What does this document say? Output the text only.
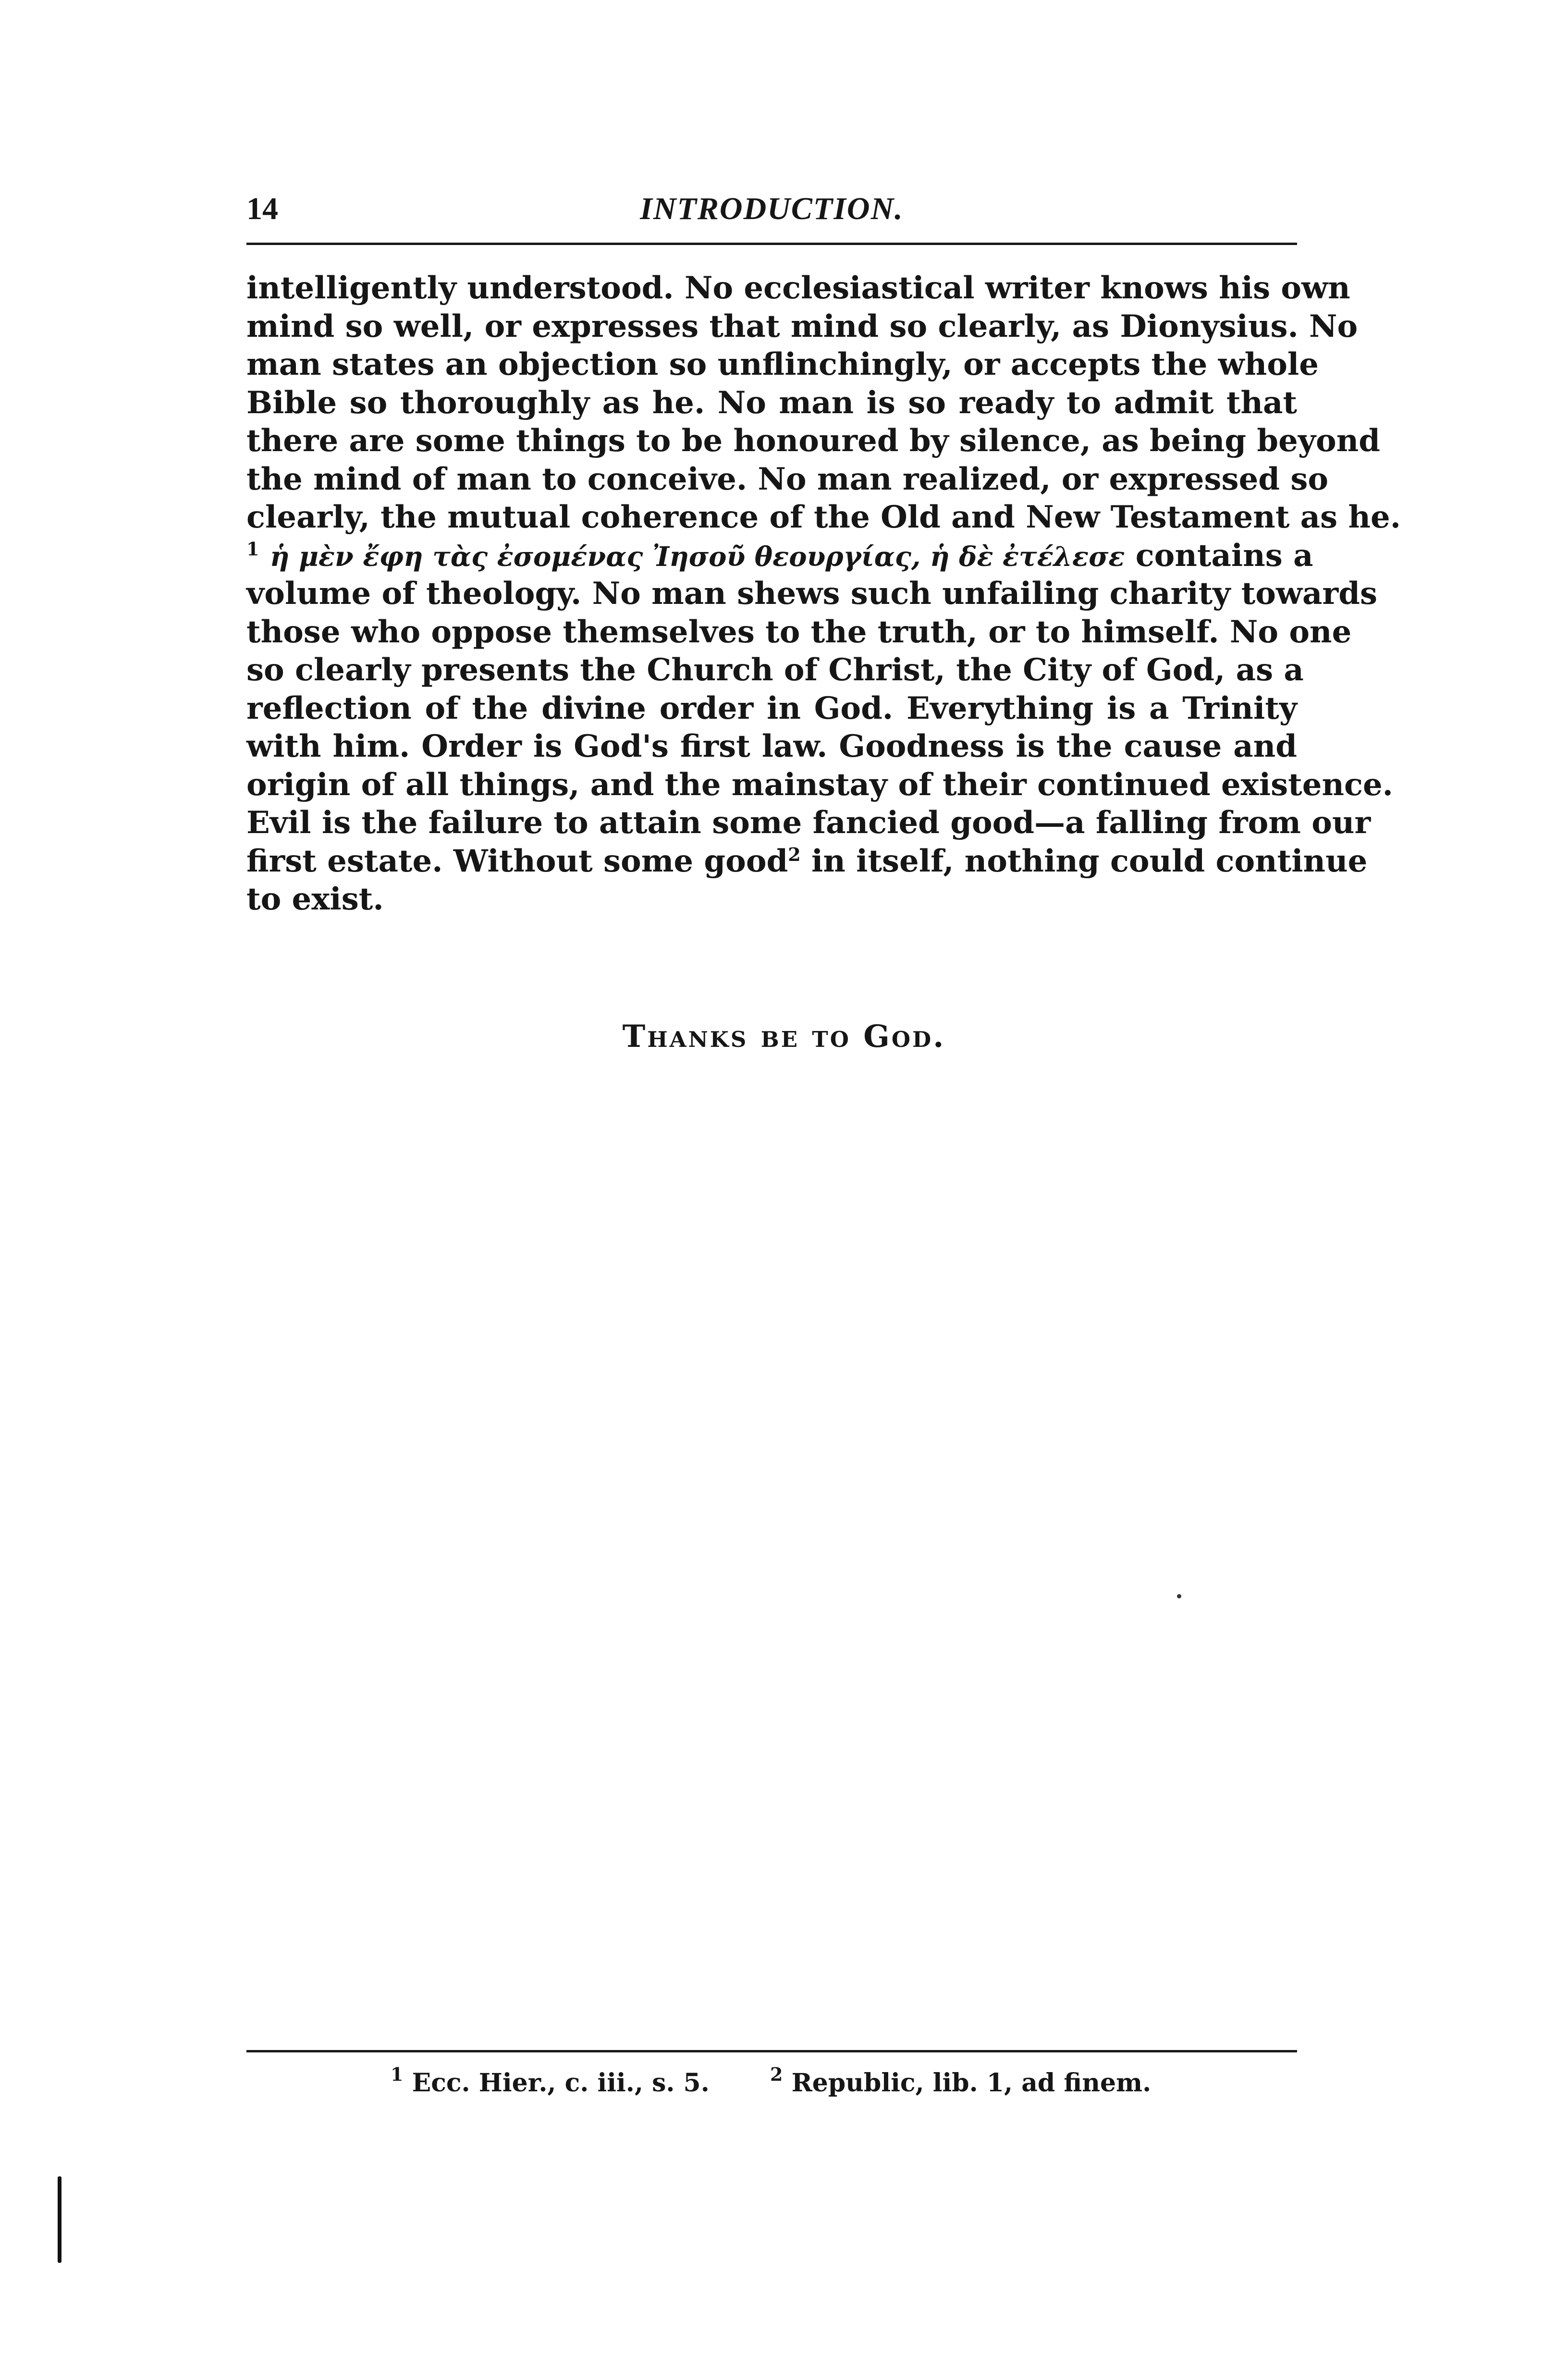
14	INTRODUCTION.
intelligently understood. No ecclesiastical writer knows his own
mind so well, or expresses that mind so clearly, as Dionysius. No
man states an objection so unflinchingly, or accepts the whole
Bible so thoroughly as he. No man is so ready to admit that
there are some things to be honoured by silence, as being beyond
the mind of man to conceive. No man realized, or expressed so
clearly, the mutual coherence of the Old and New Testament as he.
$^1$ ἡ μὲν ἔφη τὰς ἐσομένας Ἰησοῦ θεουργίας, ἡ δὲ ἐτέλεσε contains a
volume of theology. No man shews such unfailing charity towards
those who oppose themselves to the truth, or to himself. No one
so clearly presents the Church of Christ, the City of God, as a
reflection of the divine order in God. Everything is a Trinity
with him. Order is God's first law. Goodness is the cause and
origin of all things, and the mainstay of their continued existence.
Evil is the failure to attain some fancied good—a falling from our
first estate. Without some good$^2$ in itself, nothing could continue
to exist.
Thanks be to God.
$^1$ Ecc. Hier., c. iii., s. 5.	$^2$ Republic, lib. 1, ad finem.
